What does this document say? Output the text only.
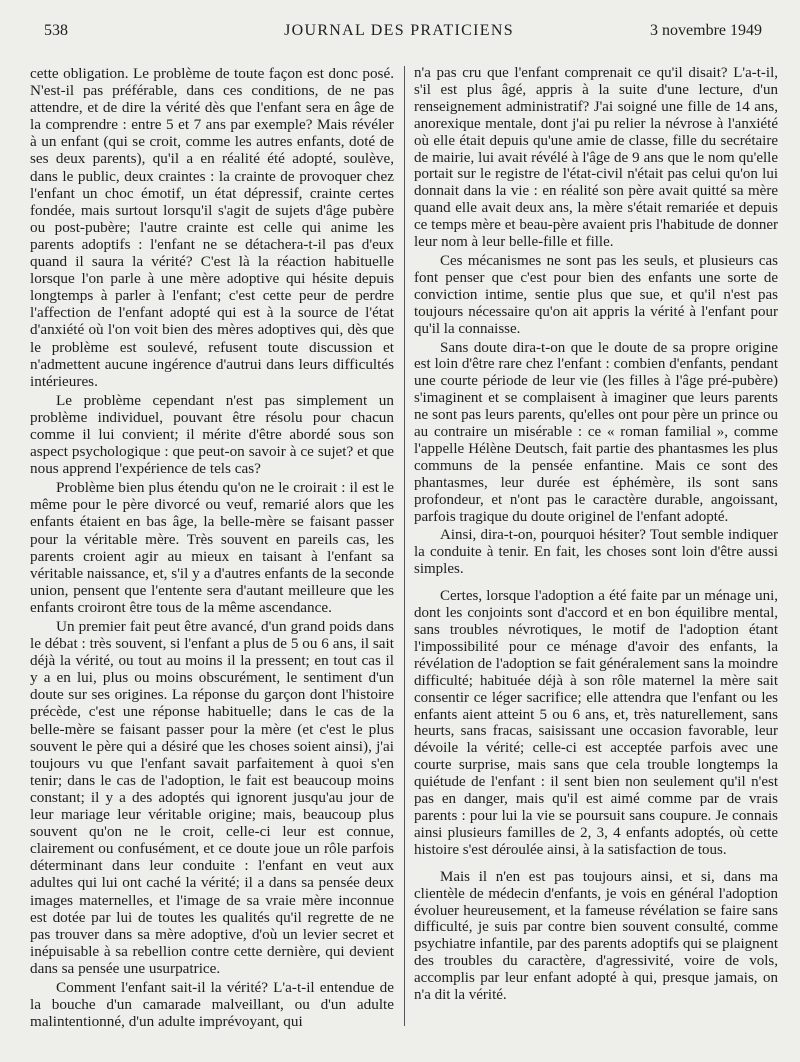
538	JOURNAL DES PRATICIENS	3 novembre 1949

cette obligation. Le problème de toute façon est donc posé. N'est-il pas préférable, dans ces conditions, de ne pas attendre, et de dire la vérité dès que l'enfant sera en âge de la comprendre : entre 5 et 7 ans par exemple? Mais révéler à un enfant (qui se croit, comme les autres enfants, doté de ses deux parents), qu'il a en réalité été adopté, soulève, dans le public, deux craintes : la crainte de provoquer chez l'enfant un choc émotif, un état dépressif, crainte certes fondée, mais surtout lorsqu'il s'agit de sujets d'âge pubère ou post-pubère; l'autre crainte est celle qui anime les parents adoptifs : l'enfant ne se détachera-t-il pas d'eux quand il saura la vérité? C'est là la réaction habituelle lorsque l'on parle à une mère adoptive qui hésite depuis longtemps à parler à l'enfant; c'est cette peur de perdre l'affection de l'enfant adopté qui est à la source de l'état d'anxiété où l'on voit bien des mères adoptives qui, dès que le problème est soulevé, refusent toute discussion et n'admettent aucune ingérence d'autrui dans leurs difficultés intérieures.

Le problème cependant n'est pas simplement un problème individuel, pouvant être résolu pour chacun comme il lui convient; il mérite d'être abordé sous son aspect psychologique : que peut-on savoir à ce sujet? et que nous apprend l'expérience de tels cas?

Problème bien plus étendu qu'on ne le croirait : il est le même pour le père divorcé ou veuf, remarié alors que les enfants étaient en bas âge, la belle-mère se faisant passer pour la véritable mère. Très souvent en pareils cas, les parents croient agir au mieux en taisant à l'enfant sa véritable naissance, et, s'il y a d'autres enfants de la seconde union, pensent que l'entente sera d'autant meilleure que les enfants croiront être tous de la même ascendance.

Un premier fait peut être avancé, d'un grand poids dans le débat : très souvent, si l'enfant a plus de 5 ou 6 ans, il sait déjà la vérité, ou tout au moins il la pressent; en tout cas il y a en lui, plus ou moins obscurément, le sentiment d'un doute sur ses origines. La réponse du garçon dont l'histoire précède, c'est une réponse habituelle; dans le cas de la belle-mère se faisant passer pour la mère (et c'est le plus souvent le père qui a désiré que les choses soient ainsi), j'ai toujours vu que l'enfant savait parfaitement à quoi s'en tenir; dans le cas de l'adoption, le fait est beaucoup moins constant; il y a des adoptés qui ignorent jusqu'au jour de leur mariage leur véritable origine; mais, beaucoup plus souvent qu'on ne le croit, celle-ci leur est connue, clairement ou confusément, et ce doute joue un rôle parfois déterminant dans leur conduite : l'enfant en veut aux adultes qui lui ont caché la vérité; il a dans sa pensée deux images maternelles, et l'image de sa vraie mère inconnue est dotée par lui de toutes les qualités qu'il regrette de ne pas trouver dans sa mère adoptive, d'où un levier secret et inépuisable à sa rebellion contre cette dernière, qui devient dans sa pensée une usurpatrice.

Comment l'enfant sait-il la vérité? L'a-t-il entendue de la bouche d'un camarade malveillant, ou d'un adulte malintentionné, d'un adulte imprévoyant, qui

n'a pas cru que l'enfant comprenait ce qu'il disait? L'a-t-il, s'il est plus âgé, appris à la suite d'une lecture, d'un renseignement administratif? J'ai soigné une fille de 14 ans, anorexique mentale, dont j'ai pu relier la névrose à l'anxiété où elle était depuis qu'une amie de classe, fille du secrétaire de mairie, lui avait révélé à l'âge de 9 ans que le nom qu'elle portait sur le registre de l'état-civil n'était pas celui qu'on lui donnait dans la vie : en réalité son père avait quitté sa mère quand elle avait deux ans, la mère s'était remariée et depuis ce temps mère et beau-père avaient pris l'habitude de donner leur nom à leur belle-fille et fille.

Ces mécanismes ne sont pas les seuls, et plusieurs cas font penser que c'est pour bien des enfants une sorte de conviction intime, sentie plus que sue, et qu'il n'est pas toujours nécessaire qu'on ait appris la vérité à l'enfant pour qu'il la connaisse.

Sans doute dira-t-on que le doute de sa propre origine est loin d'être rare chez l'enfant : combien d'enfants, pendant une courte période de leur vie (les filles à l'âge pré-pubère) s'imaginent et se complaisent à imaginer que leurs parents ne sont pas leurs parents, qu'elles ont pour père un prince ou au contraire un misérable : ce « roman familial », comme l'appelle Hélène Deutsch, fait partie des phantasmes les plus communs de la pensée enfantine. Mais ce sont des phantasmes, leur durée est éphémère, ils sont sans profondeur, et n'ont pas le caractère durable, angoissant, parfois tragique du doute originel de l'enfant adopté.

Ainsi, dira-t-on, pourquoi hésiter? Tout semble indiquer la conduite à tenir. En fait, les choses sont loin d'être aussi simples.

Certes, lorsque l'adoption a été faite par un ménage uni, dont les conjoints sont d'accord et en bon équilibre mental, sans troubles névrotiques, le motif de l'adoption étant l'impossibilité pour ce ménage d'avoir des enfants, la révélation de l'adoption se fait généralement sans la moindre difficulté; habituée déjà à son rôle maternel la mère sait consentir ce léger sacrifice; elle attendra que l'enfant ou les enfants aient atteint 5 ou 6 ans, et, très naturellement, sans heurts, sans fracas, saisissant une occasion favorable, leur dévoile la vérité; celle-ci est acceptée parfois avec une courte surprise, mais sans que cela trouble longtemps la quiétude de l'enfant : il sent bien non seulement qu'il n'est pas en danger, mais qu'il est aimé comme par de vrais parents : pour lui la vie se poursuit sans coupure. Je connais ainsi plusieurs familles de 2, 3, 4 enfants adoptés, où cette histoire s'est déroulée ainsi, à la satisfaction de tous.

Mais il n'en est pas toujours ainsi, et si, dans ma clientèle de médecin d'enfants, je vois en général l'adoption évoluer heureusement, et la fameuse révélation se faire sans difficulté, je suis par contre bien souvent consulté, comme psychiatre infantile, par des parents adoptifs qui se plaignent des troubles du caractère, d'agressivité, voire de vols, accomplis par leur enfant adopté à qui, presque jamais, on n'a dit la vérité.
